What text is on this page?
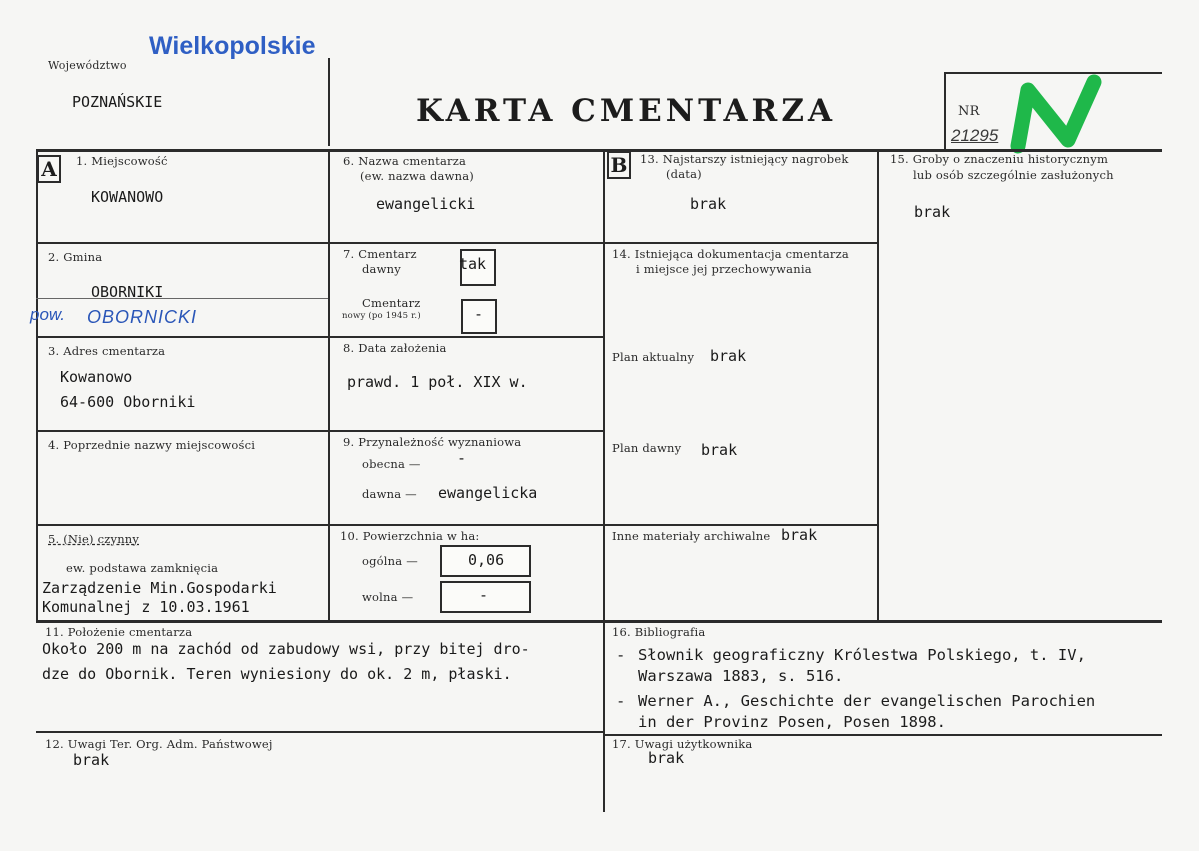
Wielkopolskie
Województwo
POZNAŃSKIE	KARTA CMENTARZA	NR
21295
A	1. Miejscowość
KOWANOWO
2. Gmina
OBORNIKI
pow. OBORNICKI
3. Adres cmentarza
Kowanowo
64-600 Oborniki
4. Poprzednie nazwy miejscowości
5. (Nie) czynny
ew. podstawa zamknięcia
Zarządzenie Min.Gospodarki
Komunalnej z 10.03.1961
6. Nazwa cmentarza
(ew. nazwa dawna)
ewangelicki
7. Cmentarz
dawny	tak
Cmentarz
nowy (po 1945 r.)	-
8. Data założenia
prawd. 1 poł. XIX w.
9. Przynależność wyznaniowa
obecna — -
dawna — ewangelicka
10. Powierzchnia w ha:
ogólna —	0,06
wolna —	-
B	13. Najstarszy istniejący nagrobek
(data)
brak
14. Istniejąca dokumentacja cmentarza
i miejsce jej przechowywania
Plan aktualny brak
Plan dawny brak
Inne materiały archiwalne brak
15. Groby o znaczeniu historycznym
lub osób szczególnie zasłużonych
brak
11. Położenie cmentarza
Około 200 m na zachód od zabudowy wsi, przy bitej dro-
dze do Obornik. Teren wyniesiony do ok. 2 m, płaski.
16. Bibliografia
- Słownik geograficzny Królestwa Polskiego, t. IV,
Warszawa 1883, s. 516.
- Werner A., Geschichte der evangelischen Parochien
in der Provinz Posen, Posen 1898.
12. Uwagi Ter. Org. Adm. Państwowej
brak
17. Uwagi użytkownika
brak
